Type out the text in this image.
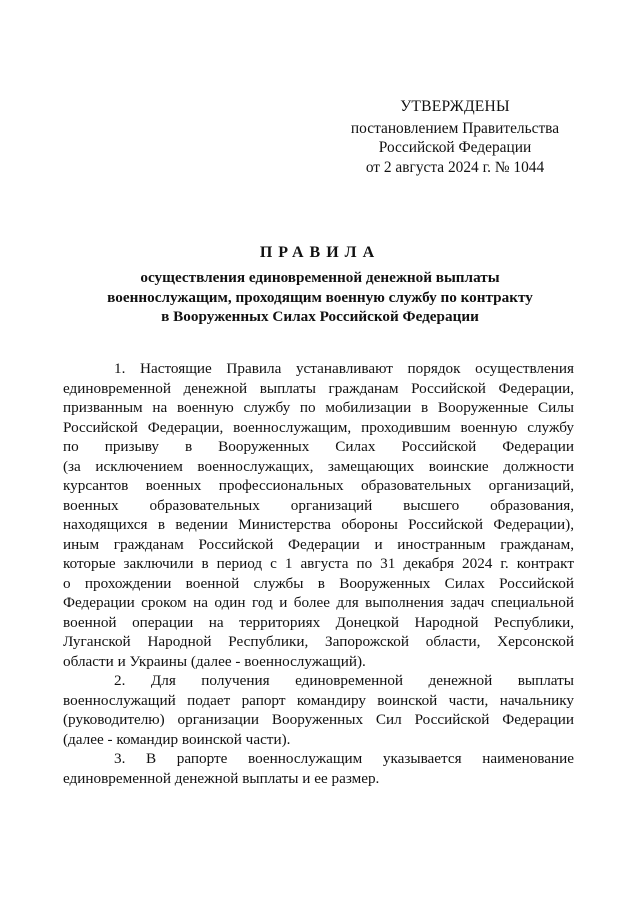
УТВЕРЖДЕНЫ
постановлением Правительства
Российской Федерации
от 2 августа 2024 г. № 1044
ПРАВИЛА
осуществления единовременной денежной выплаты
военнослужащим, проходящим военную службу по контракту
в Вооруженных Силах Российской Федерации
1. Настоящие Правила устанавливают порядок осуществления
единовременной денежной выплаты гражданам Российской Федерации,
призванным на военную службу по мобилизации в Вооруженные Силы
Российской Федерации, военнослужащим, проходившим военную службу
по призыву в Вооруженных Силах Российской Федерации
(за исключением военнослужащих, замещающих воинские должности
курсантов военных профессиональных образовательных организаций,
военных образовательных организаций высшего образования,
находящихся в ведении Министерства обороны Российской Федерации),
иным гражданам Российской Федерации и иностранным гражданам,
которые заключили в период с 1 августа по 31 декабря 2024 г. контракт
о прохождении военной службы в Вооруженных Силах Российской
Федерации сроком на один год и более для выполнения задач специальной
военной операции на территориях Донецкой Народной Республики,
Луганской Народной Республики, Запорожской области, Херсонской
области и Украины (далее - военнослужащий).
2. Для получения единовременной денежной выплаты
военнослужащий подает рапорт командиру воинской части, начальнику
(руководителю) организации Вооруженных Сил Российской Федерации
(далее - командир воинской части).
3. В рапорте военнослужащим указывается наименование
единовременной денежной выплаты и ее размер.
